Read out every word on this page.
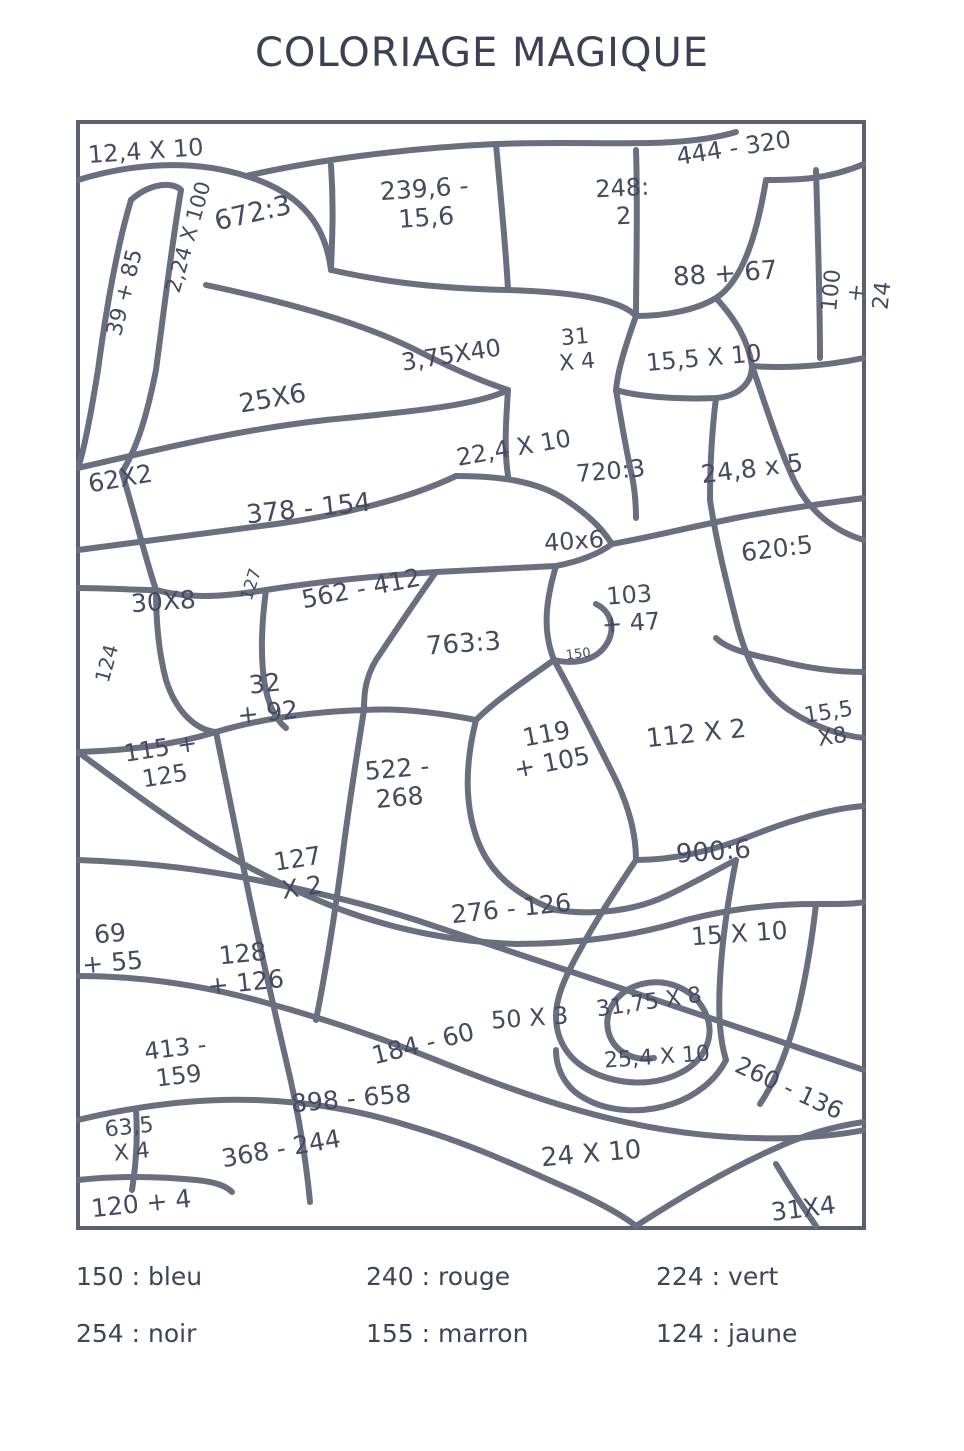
COLORIAGE MAGIQUE
12,4 X 10
672:3
239,6 -
15,6
248:
2
444 - 320
88 + 67 100 + 24
2,24 X 100
39 + 85
3,75X40	31
X 4 15,5 X 10
25X6
22,4 X 10 720:3 24,8 x 5
62X2
378 - 154
40x6	620:5
30X8 127 562 - 412	103
+ 47
124	763:3	150
32
+ 92
115 +
125
119
+ 105
112 X 2
15,5
X8
522 -
268
127
X 2
900:6
276 - 126
15 X 10
69
+ 55	128
+ 126
50 X 3 31,75 X 8
25,4 X 10
184 - 60
413 -
159
898 - 658
63,5
X 4	368 - 244	24 X 10
260 - 136
120 + 4	31X4
150 : bleu	240 : rouge	224 : vert
254 : noir	155 : marron	124 : jaune
